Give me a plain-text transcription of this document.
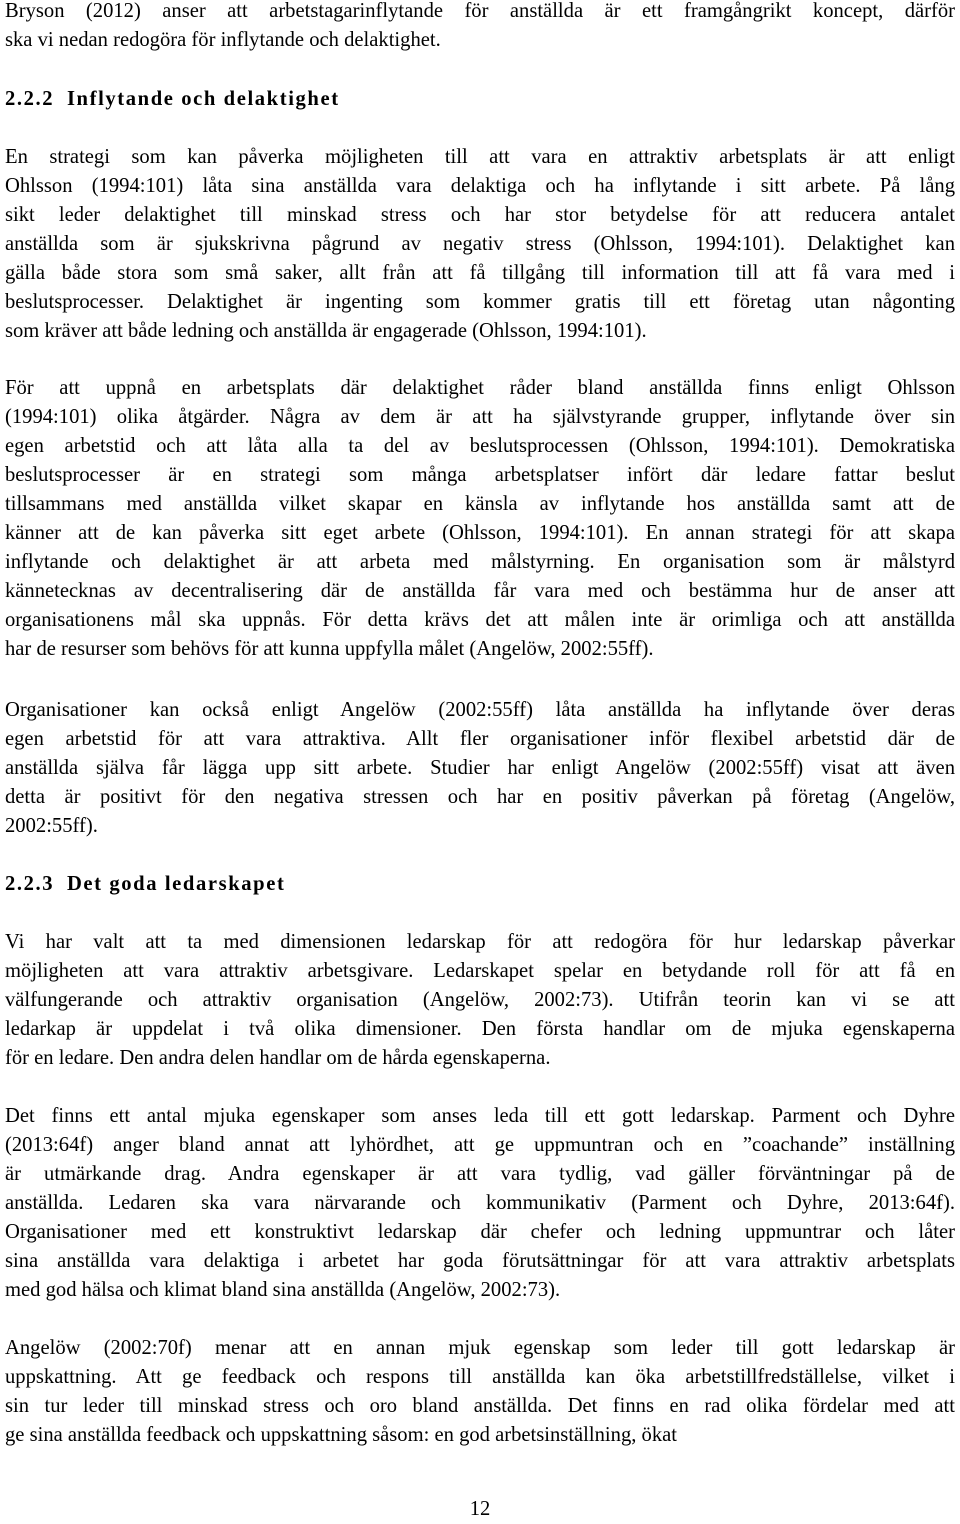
Bryson (2012) anser att arbetstagarinflytande för anställda är ett framgångrikt koncept, därför
ska vi nedan redogöra för inflytande och delaktighet.
2.2.2 Inflytande och delaktighet
En strategi som kan påverka möjligheten till att vara en attraktiv arbetsplats är att enligt
Ohlsson (1994:101) låta sina anställda vara delaktiga och ha inflytande i sitt arbete. På lång
sikt leder delaktighet till minskad stress och har stor betydelse för att reducera antalet
anställda som är sjukskrivna pågrund av negativ stress (Ohlsson, 1994:101). Delaktighet kan
gälla både stora som små saker, allt från att få tillgång till information till att få vara med i
beslutsprocesser. Delaktighet är ingenting som kommer gratis till ett företag utan någonting
som kräver att både ledning och anställda är engagerade (Ohlsson, 1994:101).
För att uppnå en arbetsplats där delaktighet råder bland anställda finns enligt Ohlsson
(1994:101) olika åtgärder. Några av dem är att ha självstyrande grupper, inflytande över sin
egen arbetstid och att låta alla ta del av beslutsprocessen (Ohlsson, 1994:101). Demokratiska
beslutsprocesser är en strategi som många arbetsplatser infört där ledare fattar beslut
tillsammans med anställda vilket skapar en känsla av inflytande hos anställda samt att de
känner att de kan påverka sitt eget arbete (Ohlsson, 1994:101). En annan strategi för att skapa
inflytande och delaktighet är att arbeta med målstyrning. En organisation som är målstyrd
kännetecknas av decentralisering där de anställda får vara med och bestämma hur de anser att
organisationens mål ska uppnås. För detta krävs det att målen inte är orimliga och att anställda
har de resurser som behövs för att kunna uppfylla målet (Angelöw, 2002:55ff).
Organisationer kan också enligt Angelöw (2002:55ff) låta anställda ha inflytande över deras
egen arbetstid för att vara attraktiva. Allt fler organisationer inför flexibel arbetstid där de
anställda själva får lägga upp sitt arbete. Studier har enligt Angelöw (2002:55ff) visat att även
detta är positivt för den negativa stressen och har en positiv påverkan på företag (Angelöw,
2002:55ff).
2.2.3 Det goda ledarskapet
Vi har valt att ta med dimensionen ledarskap för att redogöra för hur ledarskap påverkar
möjligheten att vara attraktiv arbetsgivare. Ledarskapet spelar en betydande roll för att få en
välfungerande och attraktiv organisation (Angelöw, 2002:73). Utifrån teorin kan vi se att
ledarkap är uppdelat i två olika dimensioner. Den första handlar om de mjuka egenskaperna
för en ledare. Den andra delen handlar om de hårda egenskaperna.
Det finns ett antal mjuka egenskaper som anses leda till ett gott ledarskap. Parment och Dyhre
(2013:64f) anger bland annat att lyhördhet, att ge uppmuntran och en ”coachande” inställning
är utmärkande drag. Andra egenskaper är att vara tydlig, vad gäller förväntningar på de
anställda. Ledaren ska vara närvarande och kommunikativ (Parment och Dyhre, 2013:64f).
Organisationer med ett konstruktivt ledarskap där chefer och ledning uppmuntrar och låter
sina anställda vara delaktiga i arbetet har goda förutsättningar för att vara attraktiv arbetsplats
med god hälsa och klimat bland sina anställda (Angelöw, 2002:73).
Angelöw (2002:70f) menar att en annan mjuk egenskap som leder till gott ledarskap är
uppskattning. Att ge feedback och respons till anställda kan öka arbetstillfredställelse, vilket i
sin tur leder till minskad stress och oro bland anställda. Det finns en rad olika fördelar med att
ge sina anställda feedback och uppskattning såsom: en god arbetsinställning, ökat
12
